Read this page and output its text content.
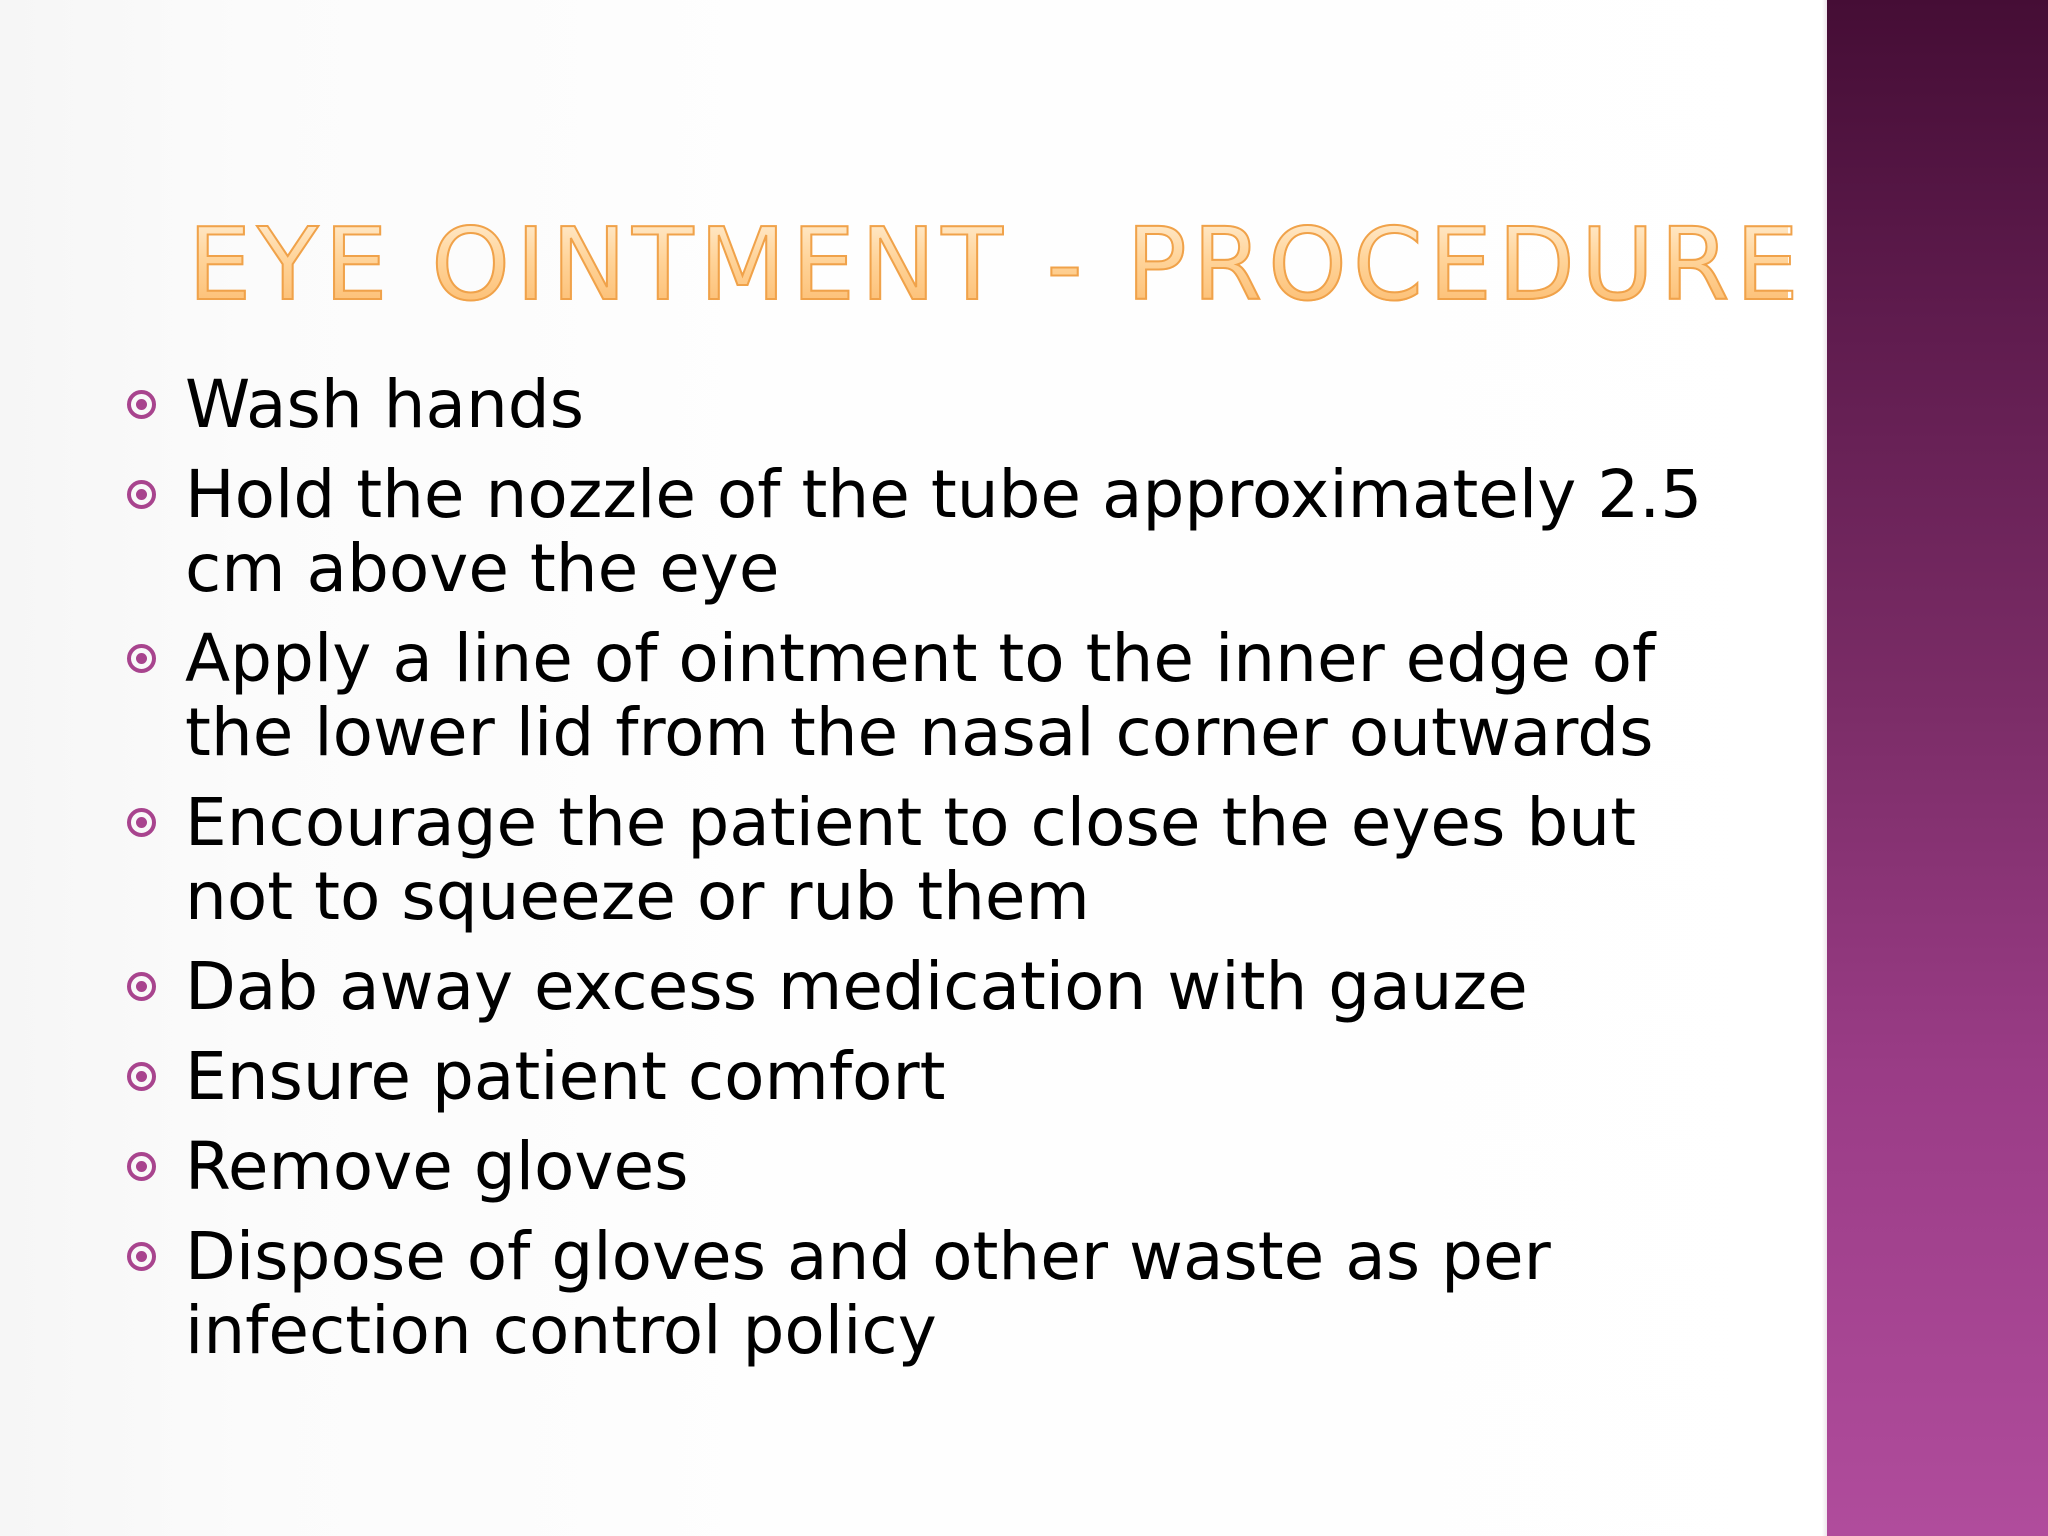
EYE OINTMENT - PROCEDURE
Wash hands
Hold the nozzle of the tube approximately 2.5 cm above the eye
Apply a line of ointment to the inner edge of the lower lid from the nasal corner outwards
Encourage the patient to close the eyes but not to squeeze or rub them
Dab away excess medication with gauze
Ensure patient comfort
Remove gloves
Dispose of gloves and other waste as per infection control policy
